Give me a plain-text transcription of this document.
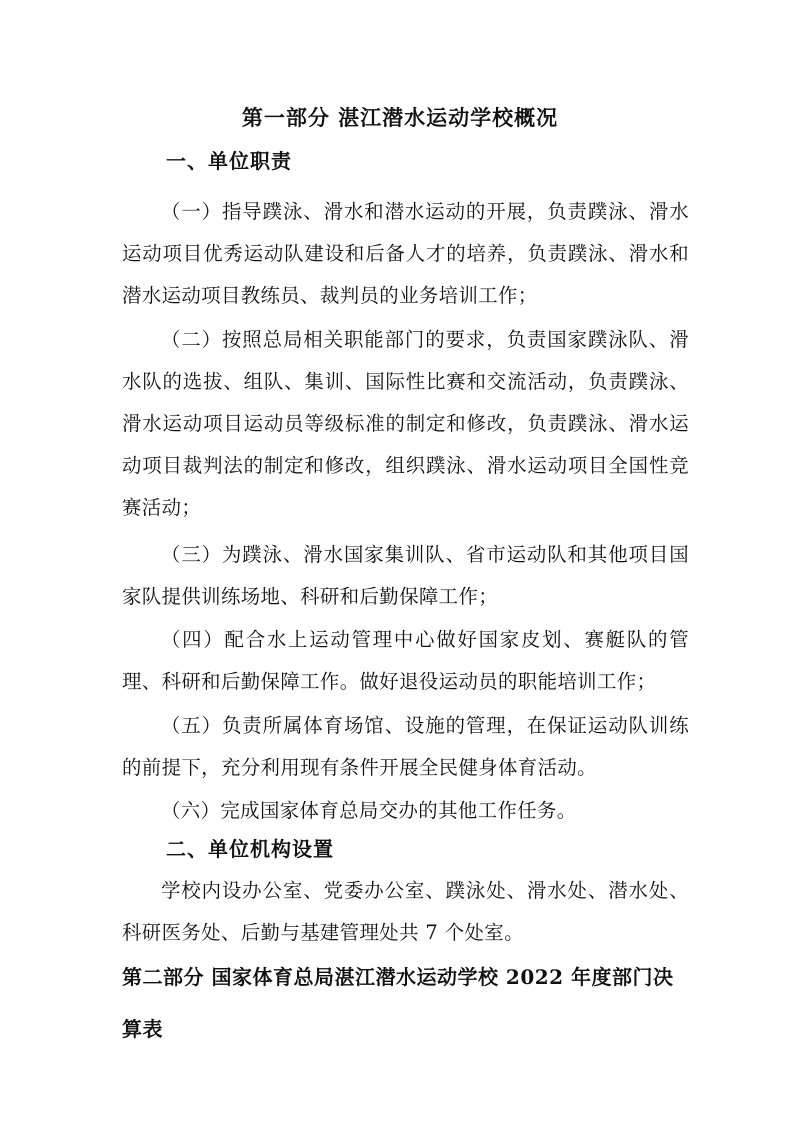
第一部分 湛江潜水运动学校概况
一、单位职责
（一）指导蹼泳、滑水和潜水运动的开展，负责蹼泳、滑水运动项目优秀运动队建设和后备人才的培养，负责蹼泳、滑水和潜水运动项目教练员、裁判员的业务培训工作；
（二）按照总局相关职能部门的要求，负责国家蹼泳队、滑水队的选拔、组队、集训、国际性比赛和交流活动，负责蹼泳、滑水运动项目运动员等级标准的制定和修改，负责蹼泳、滑水运动项目裁判法的制定和修改，组织蹼泳、滑水运动项目全国性竞赛活动；
（三）为蹼泳、滑水国家集训队、省市运动队和其他项目国家队提供训练场地、科研和后勤保障工作；
（四）配合水上运动管理中心做好国家皮划、赛艇队的管理、科研和后勤保障工作。做好退役运动员的职能培训工作；
（五）负责所属体育场馆、设施的管理，在保证运动队训练的前提下，充分利用现有条件开展全民健身体育活动。
（六）完成国家体育总局交办的其他工作任务。
二、单位机构设置
学校内设办公室、党委办公室、蹼泳处、滑水处、潜水处、科研医务处、后勤与基建管理处共 7 个处室。
第二部分 国家体育总局湛江潜水运动学校 2022 年度部门决算表
